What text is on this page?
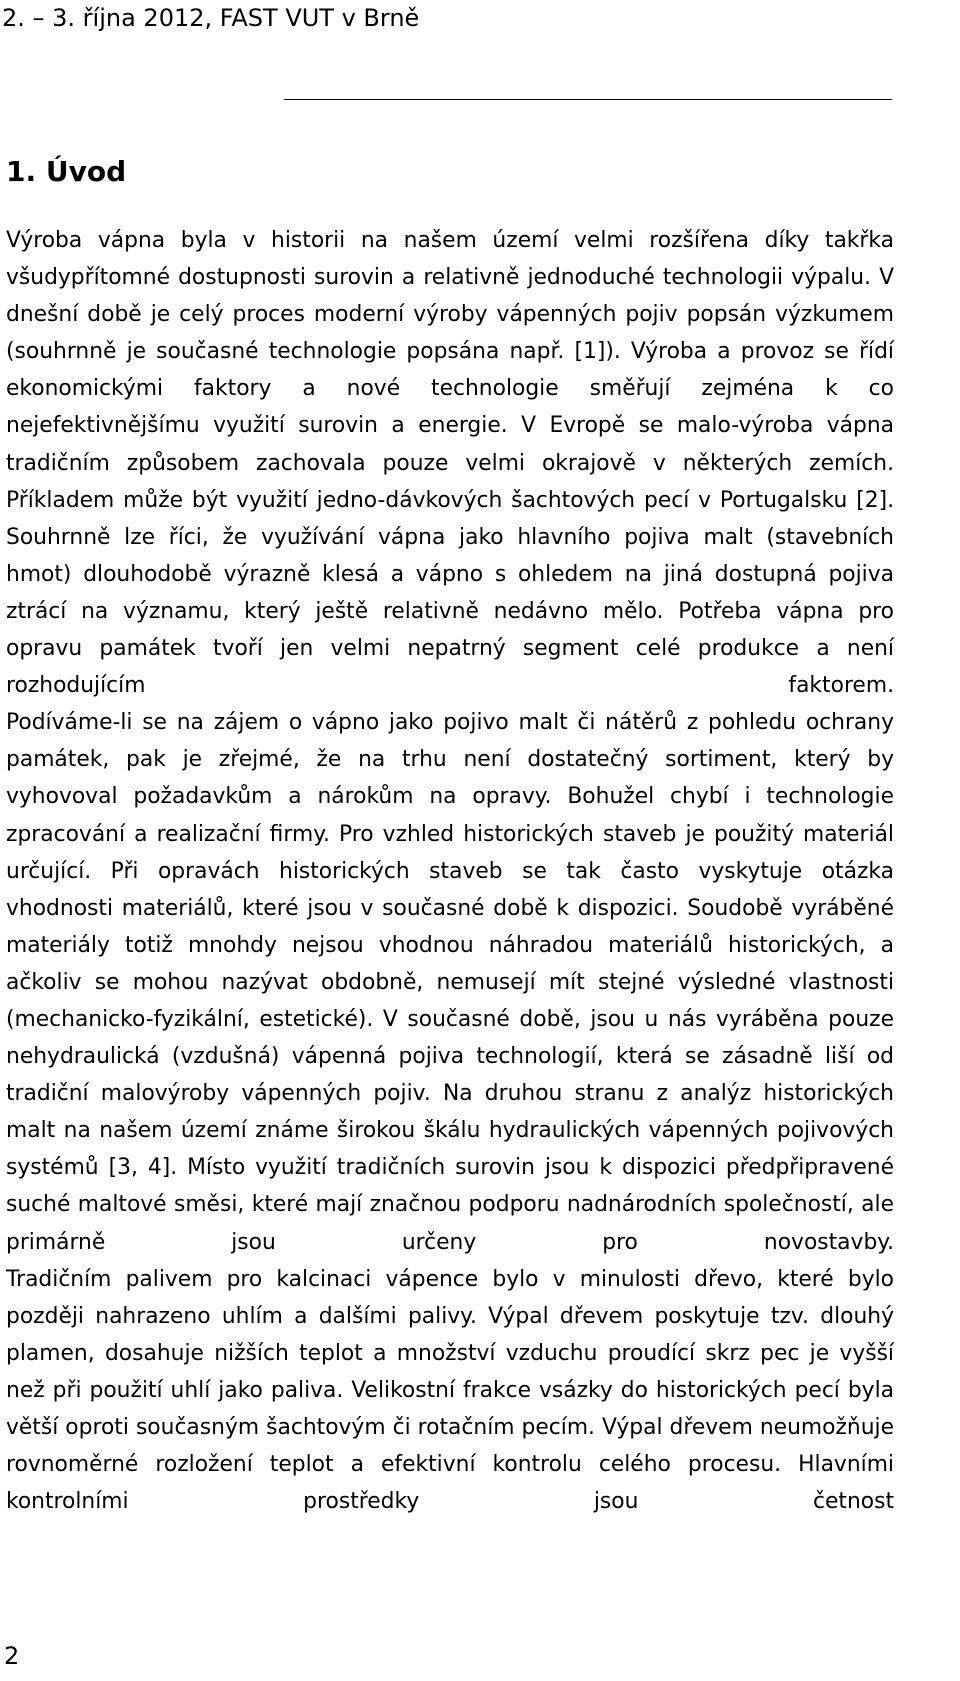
2. – 3. října 2012, FAST VUT v Brně
1. Úvod

Výroba vápna byla v historii na našem území velmi rozšířena díky takřka všudypřítomné dostupnosti surovin a relativně jednoduché technologii výpalu. V dnešní době je celý proces moderní výroby vápenných pojiv popsán výzkumem (souhrnně je současné technologie popsána např. [1]). Výroba a provoz se řídí ekonomickými faktory a nové technologie směřují zejména k co nejefektivnějšímu využití surovin a energie. V Evropě se malo-výroba vápna tradičním způsobem zachovala pouze velmi okrajově v některých zemích. Příkladem může být využití jedno-dávkových šachtových pecí v Portugalsku [2]. Souhrnně lze říci, že využívání vápna jako hlavního pojiva malt (stavebních hmot) dlouhodobě výrazně klesá a vápno s ohledem na jiná dostupná pojiva ztrácí na významu, který ještě relativně nedávno mělo. Potřeba vápna pro opravu památek tvoří jen velmi nepatrný segment celé produkce a není rozhodujícím faktorem.

Podíváme-li se na zájem o vápno jako pojivo malt či nátěrů z pohledu ochrany památek, pak je zřejmé, že na trhu není dostatečný sortiment, který by vyhovoval požadavkům a nárokům na opravy. Bohužel chybí i technologie zpracování a realizační firmy. Pro vzhled historických staveb je použitý materiál určující. Při opravách historických staveb se tak často vyskytuje otázka vhodnosti materiálů, které jsou v současné době k dispozici. Soudobě vyráběné materiály totiž mnohdy nejsou vhodnou náhradou materiálů historických, a ačkoliv se mohou nazývat obdobně, nemusejí mít stejné výsledné vlastnosti (mechanicko-fyzikální, estetické). V současné době, jsou u nás vyráběna pouze nehydraulická (vzdušná) vápenná pojiva technologií, která se zásadně liší od tradiční malovýroby vápenných pojiv. Na druhou stranu z analýz historických malt na našem území známe širokou škálu hydraulických vápenných pojivových systémů [3, 4]. Místo využití tradičních surovin jsou k dispozici předpřipravené suché maltové směsi, které mají značnou podporu nadnárodních společností, ale primárně jsou určeny pro novostavby.

Tradičním palivem pro kalcinaci vápence bylo v minulosti dřevo, které bylo později nahrazeno uhlím a dalšími palivy. Výpal dřevem poskytuje tzv. dlouhý plamen, dosahuje nižších teplot a množství vzduchu proudící skrz pec je vyšší než při použití uhlí jako paliva. Velikostní frakce vsázky do historických pecí byla větší oproti současným šachtovým či rotačním pecím. Výpal dřevem neumožňuje rovnoměrné rozložení teplot a efektivní kontrolu celého procesu. Hlavními kontrolními prostředky jsou četnost

2
